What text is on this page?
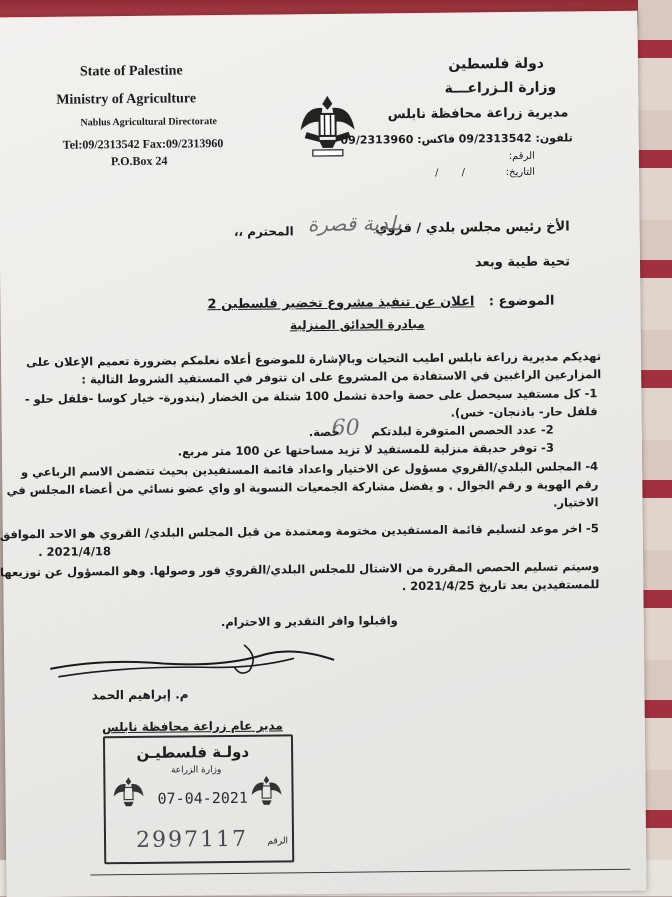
State of Palestine

Ministry of Agriculture

Nablus Agricultural Directorate

Tel:09/2313542 Fax:09/2313960

P.O.Box 24

دولة فلسطين

وزارة الـزراعـــة

مديرية زراعة محافظة نابلس

تلفون: 09/2313542 فاكس: 09/2313960

الرقم:

التاريخ:

/ /

الأخ رئيس مجلس بلدي / قروي

بلدية قصرة

المحترم ،،

تحية طيبة وبعد

الموضوع :

اعلان عن تنفيذ مشروع تخضير فلسطين 2

مبادرة الحدائق المنزلية

تهديكم مديرية زراعة نابلس اطيب التحيات وبالإشارة للموضوع أعلاه نعلمكم بضرورة تعميم الإعلان على

المزارعين الراغبين في الاستفادة من المشروع على ان تتوفر في المستفيد الشروط التالية :

1- كل مستفيد سيحصل على حصة واحدة تشمل 100 شتلة من الخضار (بندورة- خيار كوسا -فلفل حلو -

فلفل حار- باذنجان- خس).

2- عدد الحصص المتوفرة لبلدتكم

60

حصة.

3- توفر حديقة منزلية للمستفيد لا تزيد مساحتها عن 100 متر مربع.

4- المجلس البلدي/القروي مسؤول عن الاختيار واعداد قائمة المستفيدين بحيث تتضمن الاسم الرباعي و

رقم الهوية و رقم الجوال . و يفضل مشاركة الجمعيات النسوية او واي عضو نسائي من أعضاء المجلس في

الاختيار.

5- اخر موعد لتسليم قائمة المستفيدين مختومة ومعتمدة من قبل المجلس البلدي/ القروي هو الاحد الموافق

2021/4/18 .

وسيتم تسليم الحصص المقررة من الاشتال للمجلس البلدي/القروي فور وصولها. وهو المسؤول عن توزيعها

للمستفيدين بعد تاريخ 2021/4/25 .

واقبلوا وافر التقدير و الاحترام.

م. إبراهيم الحمد

مدير عام زراعة محافظة نابلس

دولـة فلسطيـن

وزارة الزراعة

07-04-2021

2997117 الرقم
